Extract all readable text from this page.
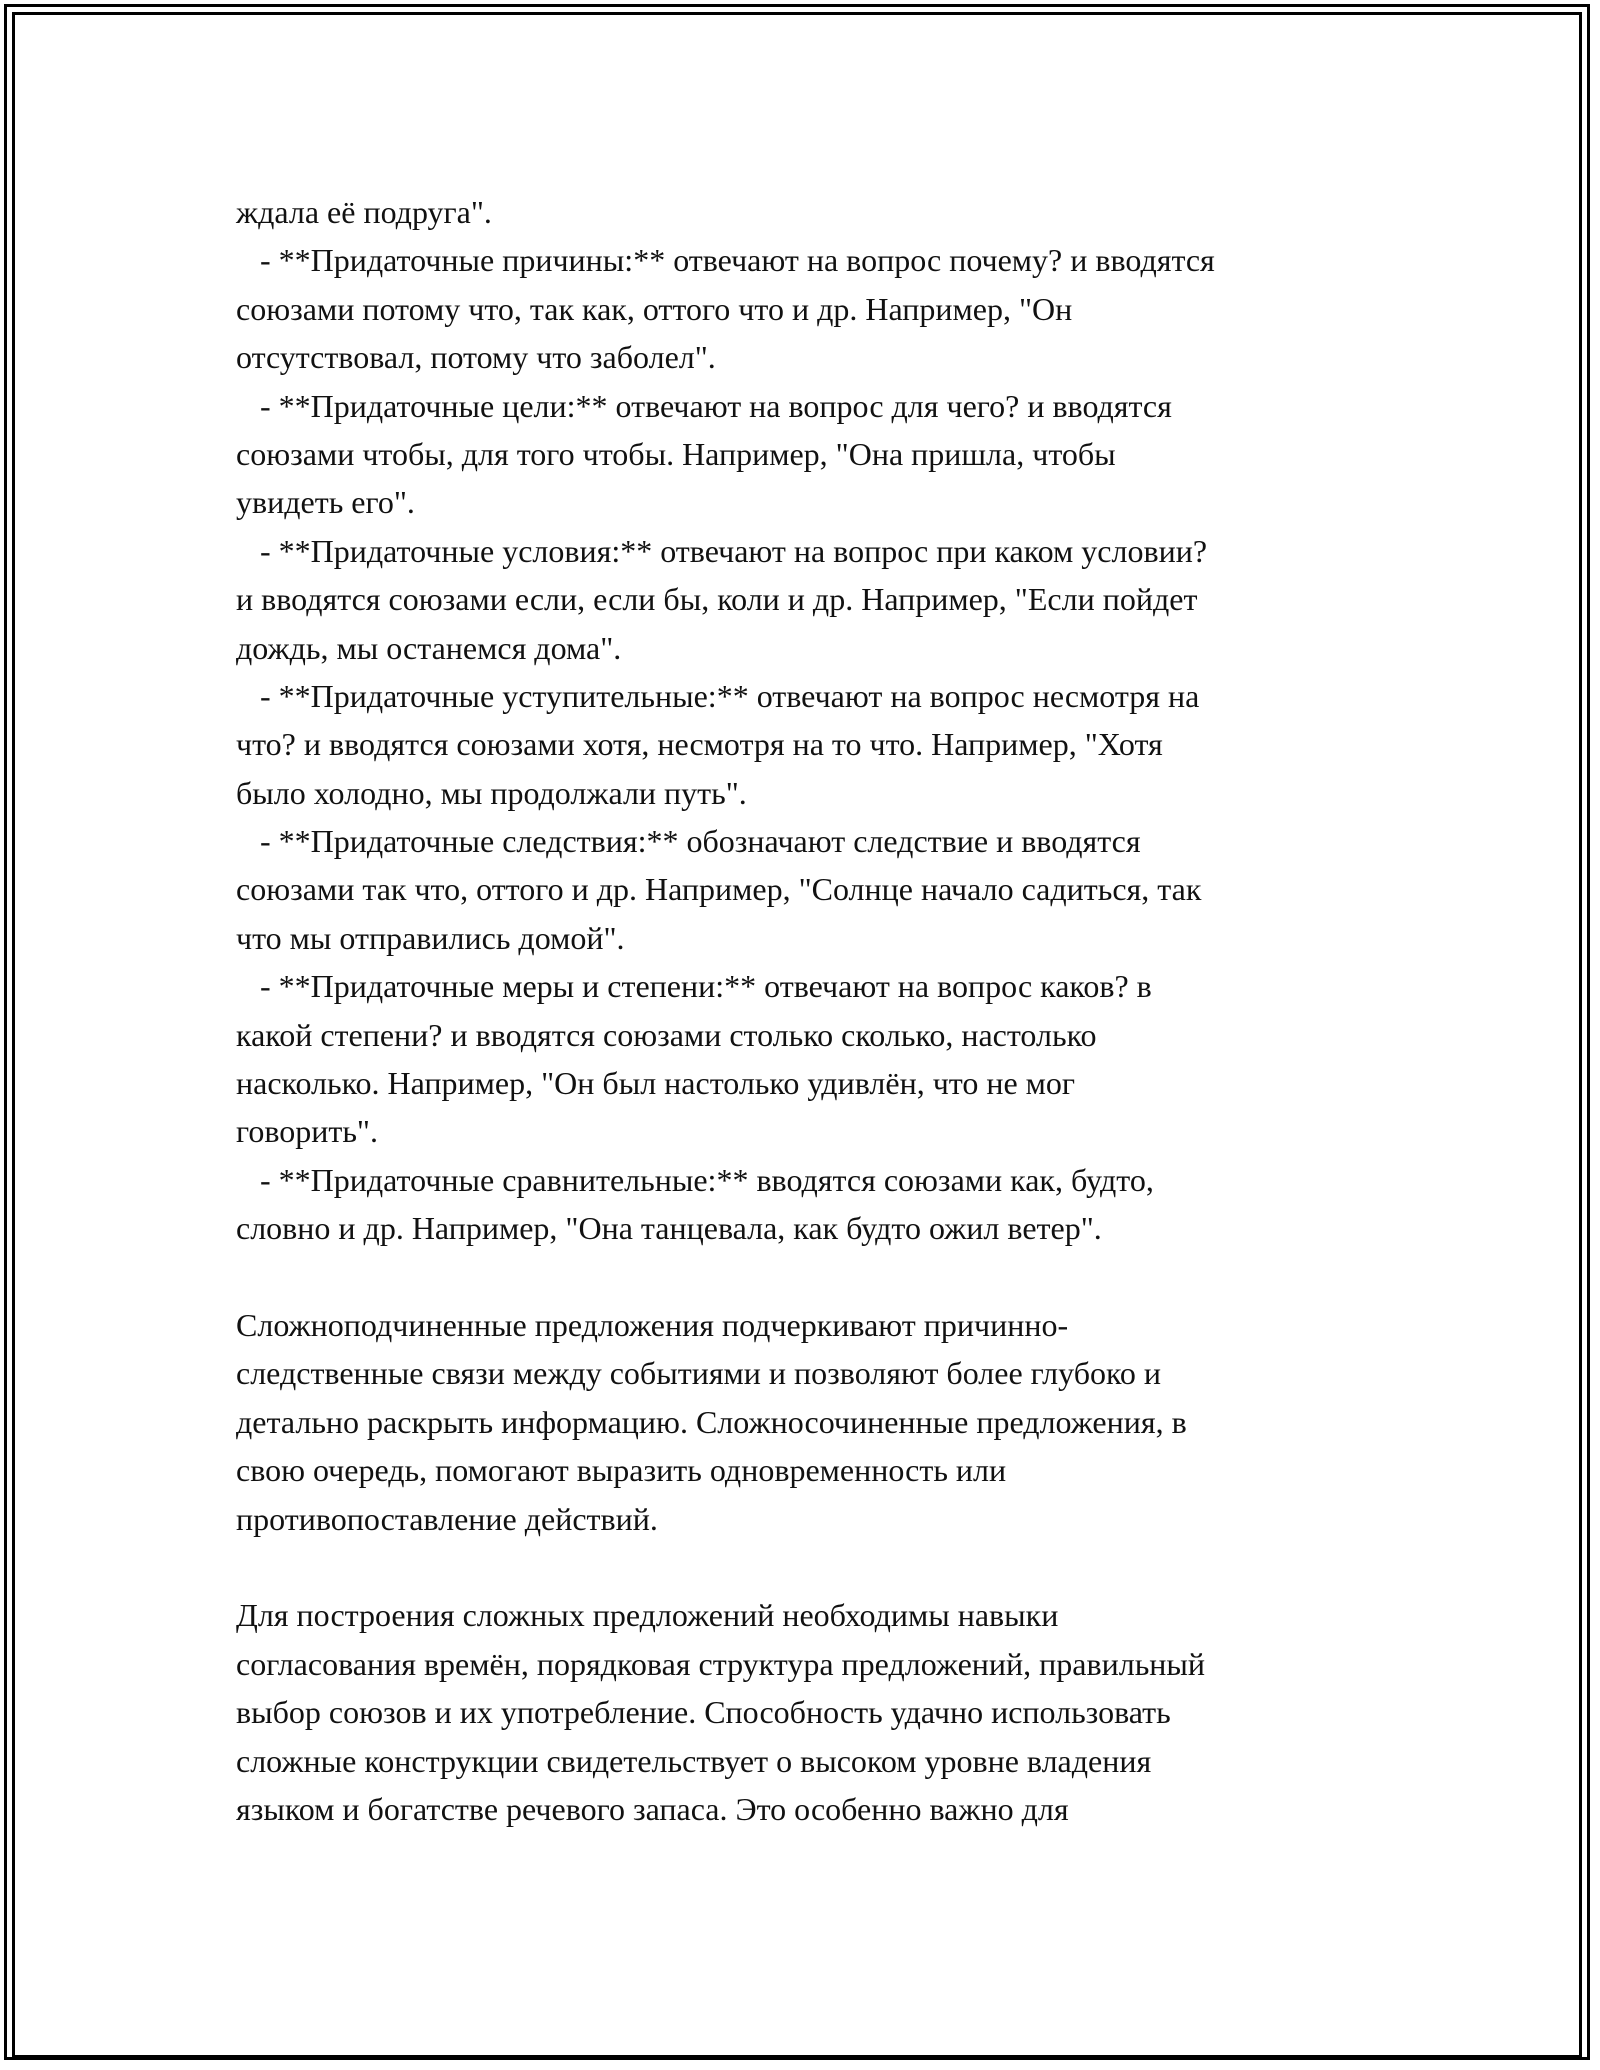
ждала её подруга".
- **Придаточные причины:** отвечают на вопрос почему? и вводятся
союзами потому что, так как, оттого что и др. Например, "Он
отсутствовал, потому что заболел".
- **Придаточные цели:** отвечают на вопрос для чего? и вводятся
союзами чтобы, для того чтобы. Например, "Она пришла, чтобы
увидеть его".
- **Придаточные условия:** отвечают на вопрос при каком условии?
и вводятся союзами если, если бы, коли и др. Например, "Если пойдет
дождь, мы останемся дома".
- **Придаточные уступительные:** отвечают на вопрос несмотря на
что? и вводятся союзами хотя, несмотря на то что. Например, "Хотя
было холодно, мы продолжали путь".
- **Придаточные следствия:** обозначают следствие и вводятся
союзами так что, оттого и др. Например, "Солнце начало садиться, так
что мы отправились домой".
- **Придаточные меры и степени:** отвечают на вопрос каков? в
какой степени? и вводятся союзами столько сколько, настолько
насколько. Например, "Он был настолько удивлён, что не мог
говорить".
- **Придаточные сравнительные:** вводятся союзами как, будто,
словно и др. Например, "Она танцевала, как будто ожил ветер".
Сложноподчиненные предложения подчеркивают причинно-
следственные связи между событиями и позволяют более глубоко и
детально раскрыть информацию. Сложносочиненные предложения, в
свою очередь, помогают выразить одновременность или
противопоставление действий.
Для построения сложных предложений необходимы навыки
согласования времён, порядковая структура предложений, правильный
выбор союзов и их употребление. Способность удачно использовать
сложные конструкции свидетельствует о высоком уровне владения
языком и богатстве речевого запаса. Это особенно важно для
